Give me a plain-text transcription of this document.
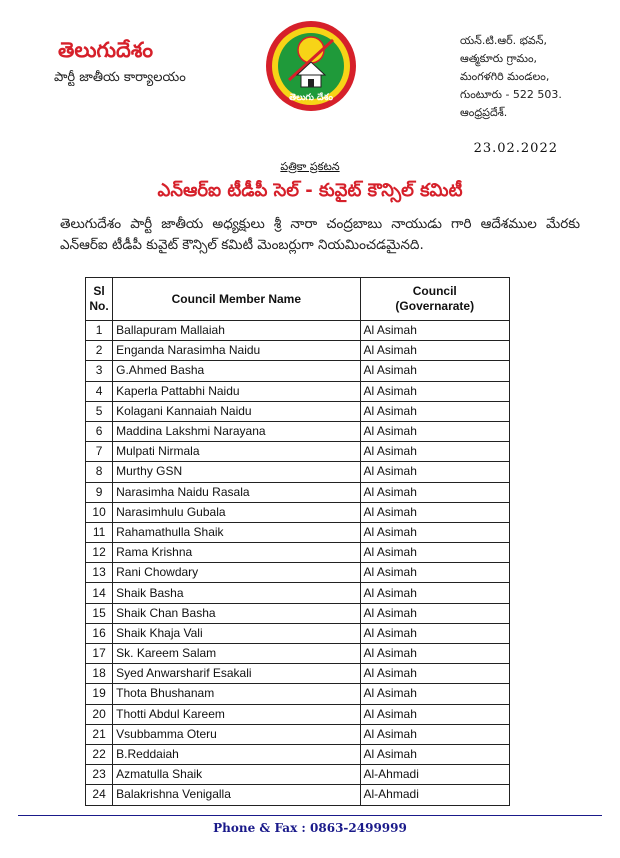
తెలుగుదేశం
పార్టీ జాతీయ కార్యాలయం
తెలుగు దేశం
యన్.టి.ఆర్. భవన్,
ఆత్మకూరు గ్రామం,
మంగళగిరి మండలం,
గుంటూరు - 522 503.
ఆంధ్రప్రదేశ్.
23.02.2022
పత్రికా ప్రకటన
ఎన్ఆర్ఐ టీడీపీ సెల్ - కువైట్ కౌన్సిల్ కమిటీ
తెలుగుదేశం పార్టీ జాతీయ అధ్యక్షులు శ్రీ నారా చంద్రబాబు నాయుడు గారి ఆదేశముల మేరకు ఎన్ఆర్ఐ టీడీపీ కువైట్ కౌన్సిల్ కమిటీ మెంబర్లుగా నియమించడమైనది.
Sl
No.	Council Member Name	Council
(Governarate)
1	Ballapuram Mallaiah	Al Asimah
2	Enganda Narasimha Naidu	Al Asimah
3	G.Ahmed Basha	Al Asimah
4	Kaperla Pattabhi Naidu	Al Asimah
5	Kolagani Kannaiah Naidu	Al Asimah
6	Maddina Lakshmi Narayana	Al Asimah
7	Mulpati Nirmala	Al Asimah
8	Murthy GSN	Al Asimah
9	Narasimha Naidu Rasala	Al Asimah
10	Narasimhulu Gubala	Al Asimah
11	Rahamathulla Shaik	Al Asimah
12	Rama Krishna	Al Asimah
13	Rani Chowdary	Al Asimah
14	Shaik Basha	Al Asimah
15	Shaik Chan Basha	Al Asimah
16	Shaik Khaja Vali	Al Asimah
17	Sk. Kareem Salam	Al Asimah
18	Syed Anwarsharif Esakali	Al Asimah
19	Thota Bhushanam	Al Asimah
20	Thotti Abdul Kareem	Al Asimah
21	Vsubbamma Oteru	Al Asimah
22	B.Reddaiah	Al Asimah
23	Azmatulla Shaik	Al-Ahmadi
24	Balakrishna Venigalla	Al-Ahmadi
Phone & Fax : 0863-2499999
